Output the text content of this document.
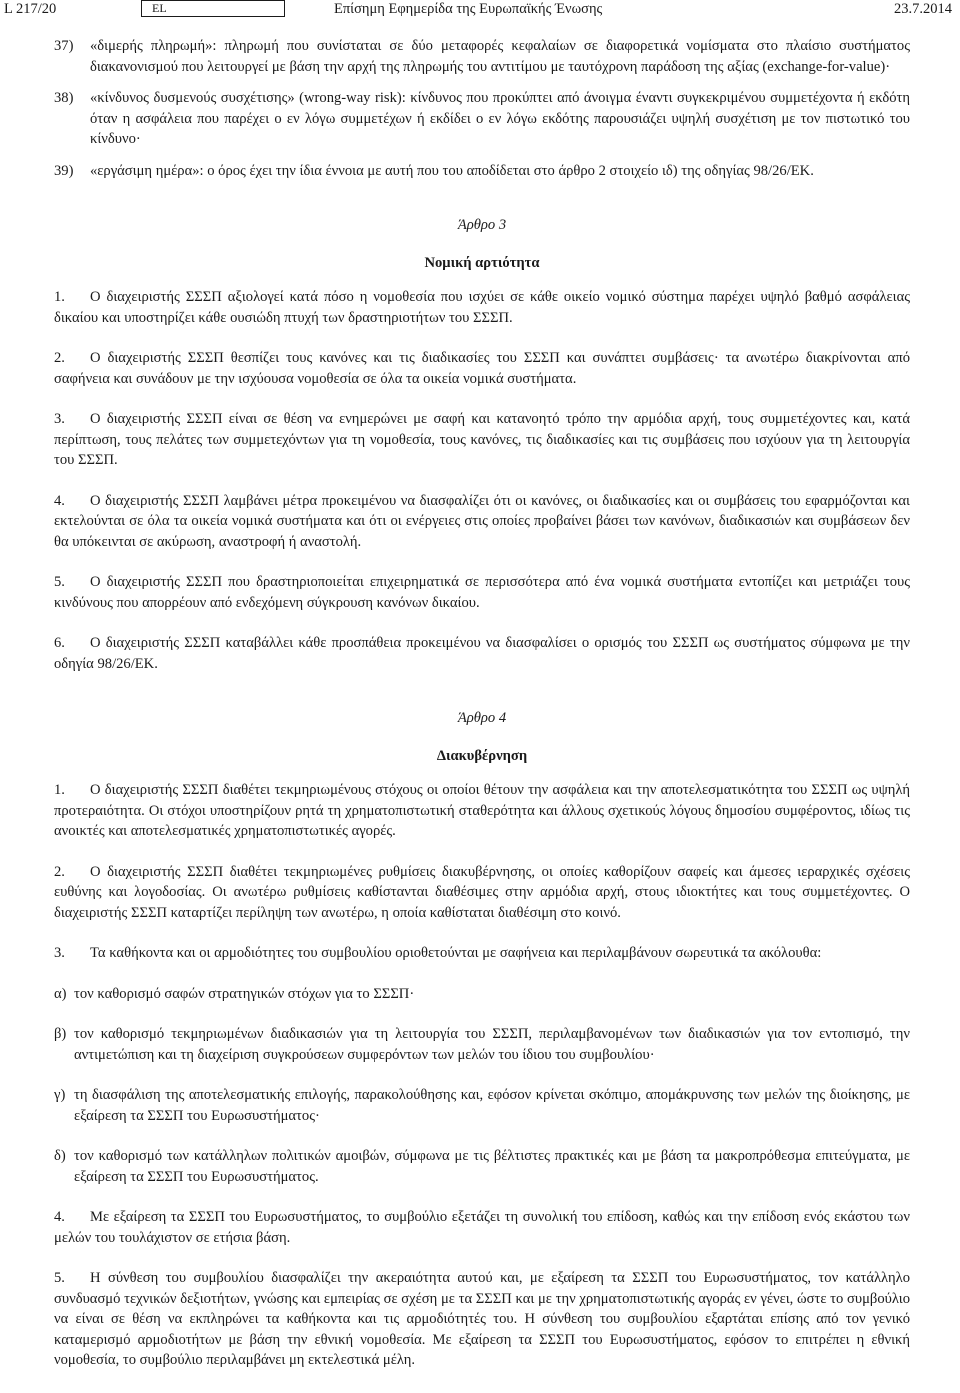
L 217/20	EL	Επίσημη Εφημερίδα της Ευρωπαϊκής Ένωσης	23.7.2014
37) «διμερής πληρωμή»: πληρωμή που συνίσταται σε δύο μεταφορές κεφαλαίων σε διαφορετικά νομίσματα στο πλαίσιο συστήματος διακανονισμού που λειτουργεί με βάση την αρχή της πληρωμής του αντιτίμου με ταυτόχρονη παράδοση της αξίας (exchange-for-value)·
38) «κίνδυνος δυσμενούς συσχέτισης» (wrong-way risk): κίνδυνος που προκύπτει από άνοιγμα έναντι συγκεκριμένου συμμετέχοντα ή εκδότη όταν η ασφάλεια που παρέχει ο εν λόγω συμμετέχων ή εκδίδει ο εν λόγω εκδότης παρουσιάζει υψηλή συσχέτιση με τον πιστωτικό του κίνδυνο·
39) «εργάσιμη ημέρα»: ο όρος έχει την ίδια έννοια με αυτή που του αποδίδεται στο άρθρο 2 στοιχείο ιδ) της οδηγίας 98/26/ΕΚ.
Άρθρο 3
Νομική αρτιότητα
1. Ο διαχειριστής ΣΣΣΠ αξιολογεί κατά πόσο η νομοθεσία που ισχύει σε κάθε οικείο νομικό σύστημα παρέχει υψηλό βαθμό ασφάλειας δικαίου και υποστηρίζει κάθε ουσιώδη πτυχή των δραστηριοτήτων του ΣΣΣΠ.
2. Ο διαχειριστής ΣΣΣΠ θεσπίζει τους κανόνες και τις διαδικασίες του ΣΣΣΠ και συνάπτει συμβάσεις· τα ανωτέρω διακρίνονται από σαφήνεια και συνάδουν με την ισχύουσα νομοθεσία σε όλα τα οικεία νομικά συστήματα.
3. Ο διαχειριστής ΣΣΣΠ είναι σε θέση να ενημερώνει με σαφή και κατανοητό τρόπο την αρμόδια αρχή, τους συμμετέχοντες και, κατά περίπτωση, τους πελάτες των συμμετεχόντων για τη νομοθεσία, τους κανόνες, τις διαδικασίες και τις συμβάσεις που ισχύουν για τη λειτουργία του ΣΣΣΠ.
4. Ο διαχειριστής ΣΣΣΠ λαμβάνει μέτρα προκειμένου να διασφαλίζει ότι οι κανόνες, οι διαδικασίες και οι συμβάσεις του εφαρμόζονται και εκτελούνται σε όλα τα οικεία νομικά συστήματα και ότι οι ενέργειες στις οποίες προβαίνει βάσει των κανόνων, διαδικασιών και συμβάσεων δεν θα υπόκεινται σε ακύρωση, αναστροφή ή αναστολή.
5. Ο διαχειριστής ΣΣΣΠ που δραστηριοποιείται επιχειρηματικά σε περισσότερα από ένα νομικά συστήματα εντοπίζει και μετριάζει τους κινδύνους που απορρέουν από ενδεχόμενη σύγκρουση κανόνων δικαίου.
6. Ο διαχειριστής ΣΣΣΠ καταβάλλει κάθε προσπάθεια προκειμένου να διασφαλίσει ο ορισμός του ΣΣΣΠ ως συστήματος σύμφωνα με την οδηγία 98/26/ΕΚ.
Άρθρο 4
Διακυβέρνηση
1. Ο διαχειριστής ΣΣΣΠ διαθέτει τεκμηριωμένους στόχους οι οποίοι θέτουν την ασφάλεια και την αποτελεσματικότητα του ΣΣΣΠ ως υψηλή προτεραιότητα. Οι στόχοι υποστηρίζουν ρητά τη χρηματοπιστωτική σταθερότητα και άλλους σχετικούς λόγους δημοσίου συμφέροντος, ιδίως τις ανοικτές και αποτελεσματικές χρηματοπιστωτικές αγορές.
2. Ο διαχειριστής ΣΣΣΠ διαθέτει τεκμηριωμένες ρυθμίσεις διακυβέρνησης, οι οποίες καθορίζουν σαφείς και άμεσες ιεραρχικές σχέσεις ευθύνης και λογοδοσίας. Οι ανωτέρω ρυθμίσεις καθίστανται διαθέσιμες στην αρμόδια αρχή, στους ιδιοκτήτες και τους συμμετέχοντες. Ο διαχειριστής ΣΣΣΠ καταρτίζει περίληψη των ανωτέρω, η οποία καθίσταται διαθέσιμη στο κοινό.
3. Τα καθήκοντα και οι αρμοδιότητες του συμβουλίου οριοθετούνται με σαφήνεια και περιλαμβάνουν σωρευτικά τα ακόλουθα:
α) τον καθορισμό σαφών στρατηγικών στόχων για το ΣΣΣΠ·
β) τον καθορισμό τεκμηριωμένων διαδικασιών για τη λειτουργία του ΣΣΣΠ, περιλαμβανομένων των διαδικασιών για τον εντοπισμό, την αντιμετώπιση και τη διαχείριση συγκρούσεων συμφερόντων των μελών του ίδιου του συμβουλίου·
γ) τη διασφάλιση της αποτελεσματικής επιλογής, παρακολούθησης και, εφόσον κρίνεται σκόπιμο, απομάκρυνσης των μελών της διοίκησης, με εξαίρεση τα ΣΣΣΠ του Ευρωσυστήματος·
δ) τον καθορισμό των κατάλληλων πολιτικών αμοιβών, σύμφωνα με τις βέλτιστες πρακτικές και με βάση τα μακροπρόθεσμα επιτεύγματα, με εξαίρεση τα ΣΣΣΠ του Ευρωσυστήματος.
4. Με εξαίρεση τα ΣΣΣΠ του Ευρωσυστήματος, το συμβούλιο εξετάζει τη συνολική του επίδοση, καθώς και την επίδοση ενός εκάστου των μελών του τουλάχιστον σε ετήσια βάση.
5. Η σύνθεση του συμβουλίου διασφαλίζει την ακεραιότητα αυτού και, με εξαίρεση τα ΣΣΣΠ του Ευρωσυστήματος, τον κατάλληλο συνδυασμό τεχνικών δεξιοτήτων, γνώσης και εμπειρίας σε σχέση με τα ΣΣΣΠ και με την χρηματοπιστωτικής αγοράς εν γένει, ώστε το συμβούλιο να είναι σε θέση να εκπληρώνει τα καθήκοντα και τις αρμοδιότητές του. Η σύνθεση του συμβουλίου εξαρτάται επίσης από τον γενικό καταμερισμό αρμοδιοτήτων με βάση την εθνική νομοθεσία. Με εξαίρεση τα ΣΣΣΠ του Ευρωσυστήματος, εφόσον το επιτρέπει η εθνική νομοθεσία, το συμβούλιο περιλαμβάνει μη εκτελεστικά μέλη.
